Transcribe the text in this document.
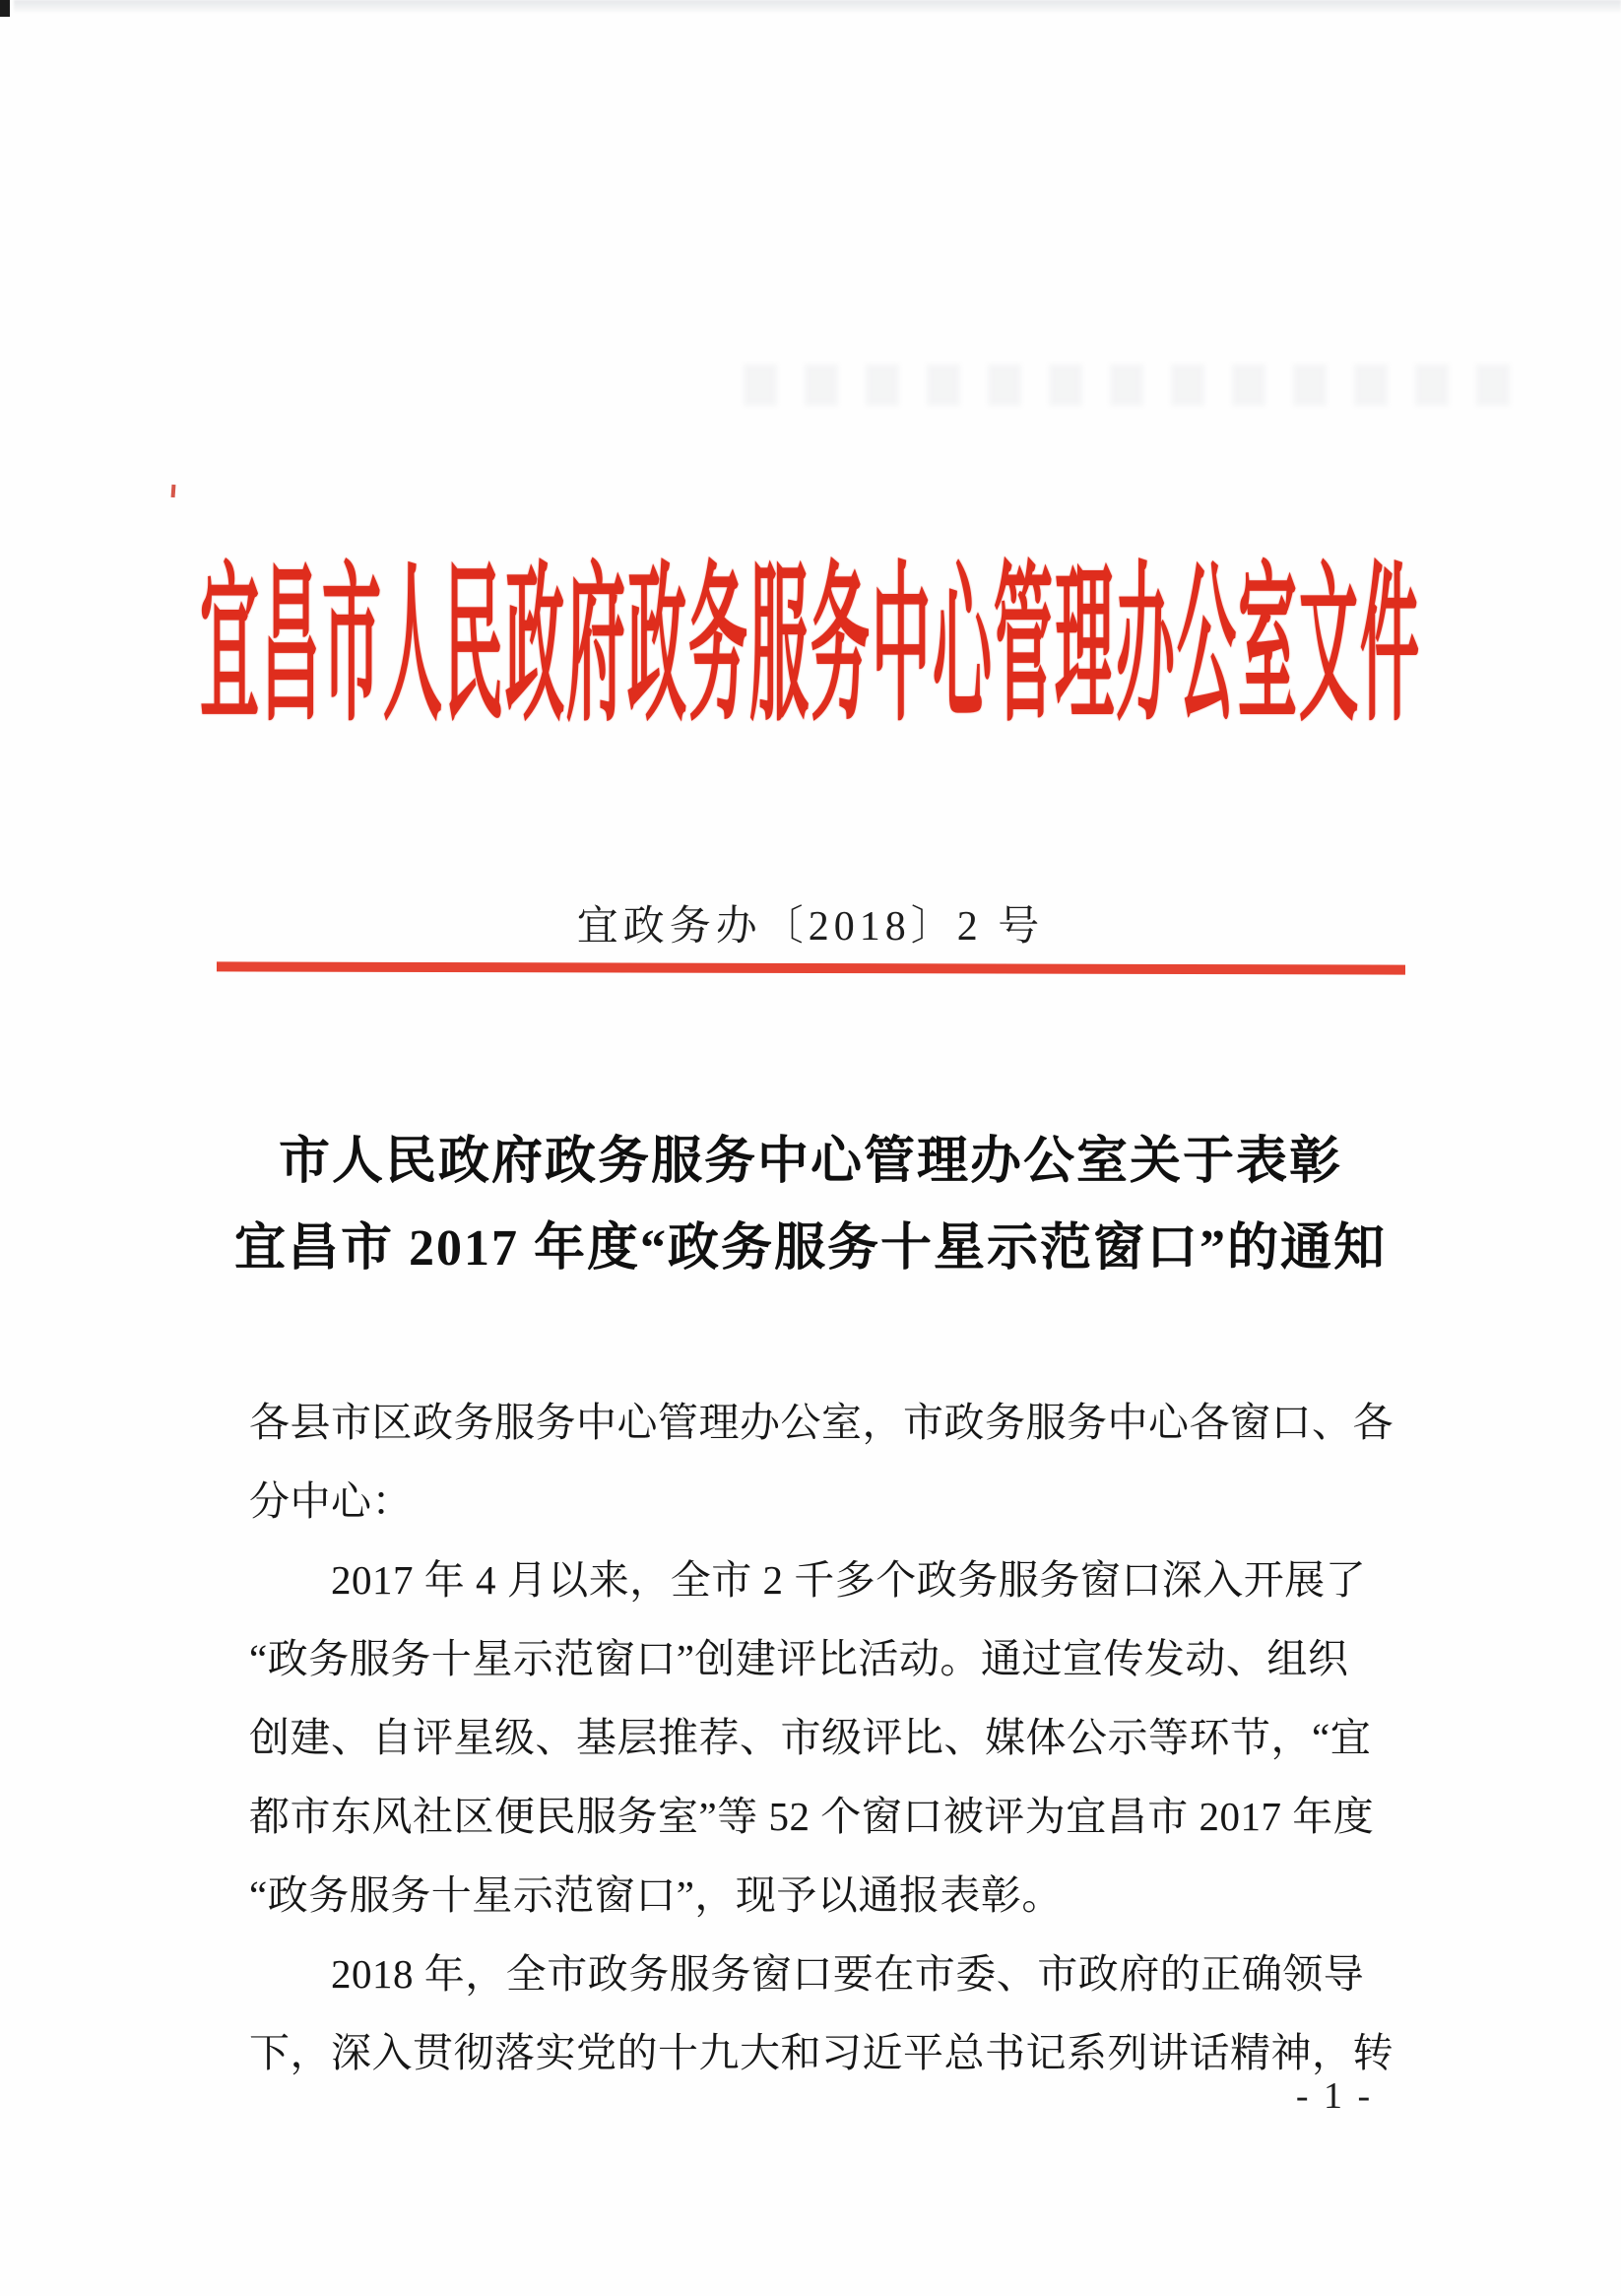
宜昌市人民政府政务服务中心管理办公室文件
宜政务办〔2018〕2 号
市人民政府政务服务中心管理办公室关于表彰
宜昌市 2017 年度“政务服务十星示范窗口”的通知
各县市区政务服务中心管理办公室，市政务服务中心各窗口、各
分中心：
　　2017 年 4 月以来，全市 2 千多个政务服务窗口深入开展了
“政务服务十星示范窗口”创建评比活动。通过宣传发动、组织
创建、自评星级、基层推荐、市级评比、媒体公示等环节，“宜
都市东风社区便民服务室”等 52 个窗口被评为宜昌市 2017 年度
“政务服务十星示范窗口”，现予以通报表彰。
　　2018 年，全市政务服务窗口要在市委、市政府的正确领导
下，深入贯彻落实党的十九大和习近平总书记系列讲话精神，转
- 1 -
